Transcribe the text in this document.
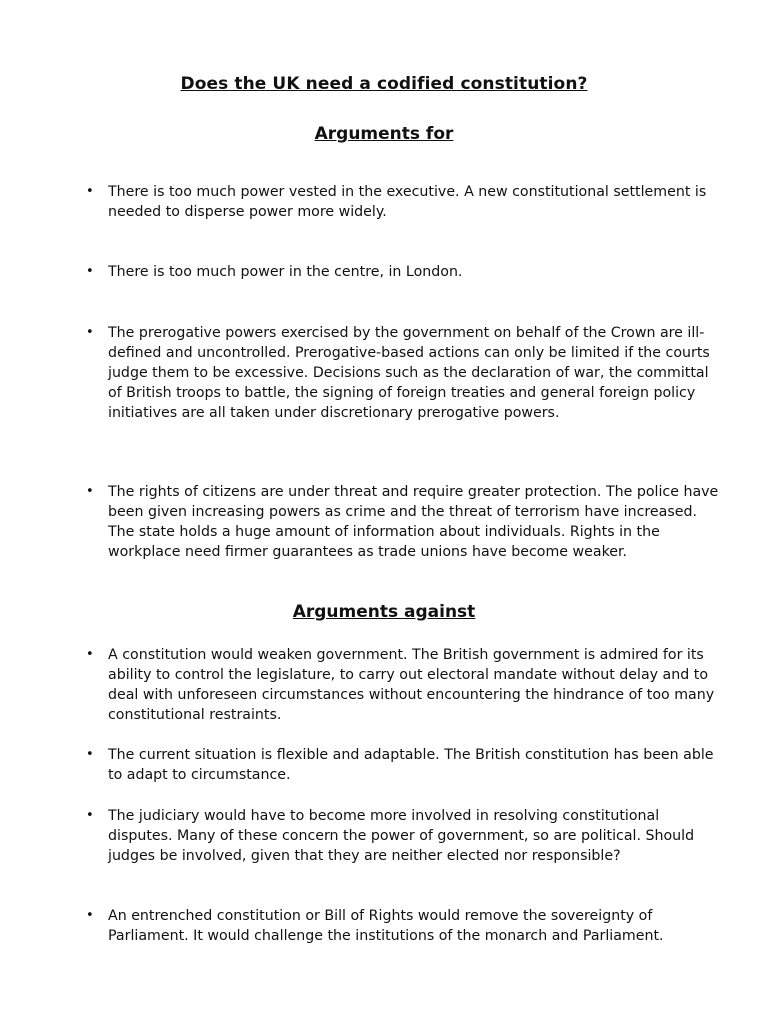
Does the UK need a codified constitution?
Arguments for
•	There is too much power vested in the executive. A new constitutional settlement is needed to disperse power more widely.
•	There is too much power in the centre, in London.
•	The prerogative powers exercised by the government on behalf of the Crown are ill-defined and uncontrolled. Prerogative-based actions can only be limited if the courts judge them to be excessive. Decisions such as the declaration of war, the committal of British troops to battle, the signing of foreign treaties and general foreign policy initiatives are all taken under discretionary prerogative powers.
•	The rights of citizens are under threat and require greater protection. The police have been given increasing powers as crime and the threat of terrorism have increased. The state holds a huge amount of information about individuals. Rights in the workplace need firmer guarantees as trade unions have become weaker.
Arguments against
•	A constitution would weaken government. The British government is admired for its ability to control the legislature, to carry out electoral mandate without delay and to deal with unforeseen circumstances without encountering the hindrance of too many constitutional restraints.
•	The current situation is flexible and adaptable. The British constitution has been able to adapt to circumstance.
•	The judiciary would have to become more involved in resolving constitutional disputes. Many of these concern the power of government, so are political. Should judges be involved, given that they are neither elected nor responsible?
•	An entrenched constitution or Bill of Rights would remove the sovereignty of Parliament. It would challenge the institutions of the monarch and Parliament.
